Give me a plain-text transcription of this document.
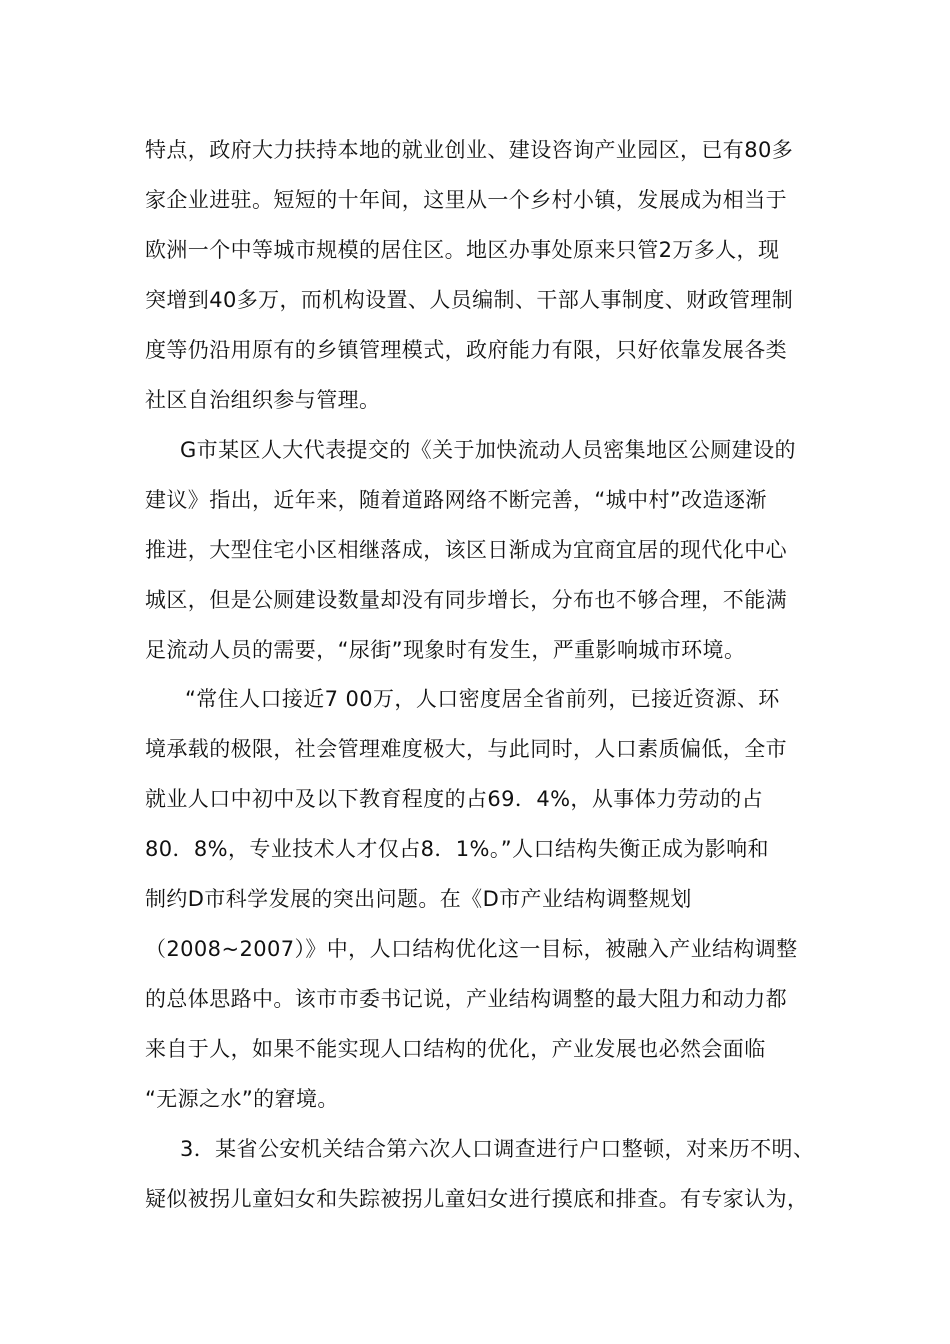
特点，政府大力扶持本地的就业创业、建设咨询产业园区，已有80多

家企业进驻。短短的十年间，这里从一个乡村小镇，发展成为相当于

欧洲一个中等城市规模的居住区。地区办事处原来只管2万多人，现

突增到40多万，而机构设置、人员编制、干部人事制度、财政管理制

度等仍沿用原有的乡镇管理模式，政府能力有限，只好依靠发展各类

社区自治组织参与管理。

G市某区人大代表提交的《关于加快流动人员密集地区公厕建设的

建议》指出，近年来，随着道路网络不断完善，“城中村”改造逐渐

推进，大型住宅小区相继落成，该区日渐成为宜商宜居的现代化中心

城区，但是公厕建设数量却没有同步增长，分布也不够合理，不能满

足流动人员的需要，“尿街”现象时有发生，严重影响城市环境。

“常住人口接近7 00万，人口密度居全省前列，已接近资源、环

境承载的极限，社会管理难度极大，与此同时，人口素质偏低，全市

就业人口中初中及以下教育程度的占69．4%，从事体力劳动的占

80．8%，专业技术人才仅占8．1%。”人口结构失衡正成为影响和

制约D市科学发展的突出问题。在《D市产业结构调整规划

（2008~2007）》中，人口结构优化这一目标，被融入产业结构调整

的总体思路中。该市市委书记说，产业结构调整的最大阻力和动力都

来自于人，如果不能实现人口结构的优化，产业发展也必然会面临

“无源之水”的窘境。

3．某省公安机关结合第六次人口调查进行户口整顿，对来历不明、

疑似被拐儿童妇女和失踪被拐儿童妇女进行摸底和排查。有专家认为，
